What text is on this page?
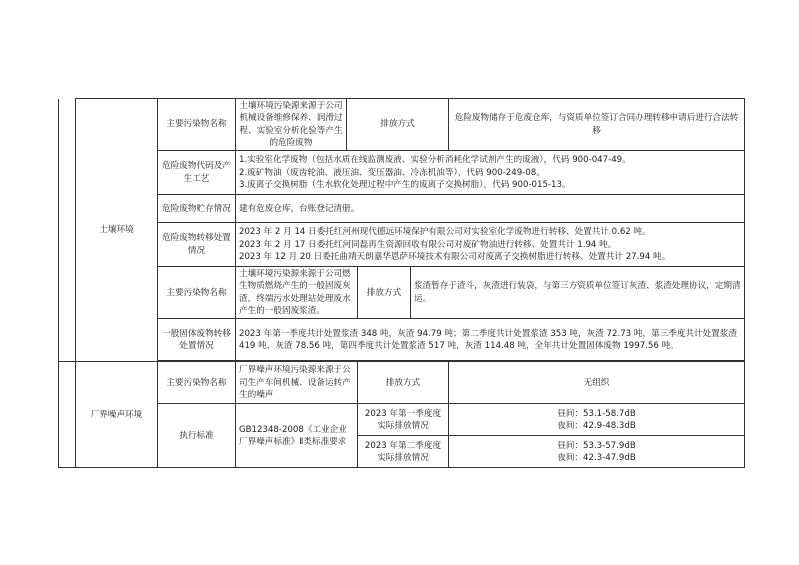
	土壤环境	主要污染物名称	土壤环境污染源来源于公司机械设备维修保养、润滑过程、实验室分析化验等产生的危险废物	排放方式			危险废物储存于危废仓库，与资质单位签订合同办理转移申请后进行合法转移
		危险废物代码及产生工艺	1.实验室化学废物（包括水质在线监测废液、实验分析消耗化学试剂产生的废液），代码 900-047-49。
2.废矿物油（废齿轮油、液压油、变压器油、冷冻机油等），代码 900-249-08。
3.废离子交换树脂（生水软化处理过程中产生的废离子交换树脂），代码 900-015-13。				

		危险废物贮存情况	建有危废仓库，台账登记清册。				
		危险废物转移处置情况	2023 年 2 月 14 日委托红河州现代德远环境保护有限公司对实验室化学废物进行转移、处置共计 0.62 吨。
2023 年 2 月 17 日委托红河同磊再生资源回收有限公司对废矿物油进行转移、处置共计 1.94 吨。
2023 年 12 月 20 日委托曲靖天朗嘉华恩萨环境技术有限公司对废离子交换树脂进行转移、处置共计 27.94 吨。				

		主要污染物名称	土壤环境污染源来源于公司燃生物质燃烧产生的一般固废灰渣，终端污水处理站处理废水产生的一般固废浆渣。		排放方式	浆渣暂存于渣斗，灰渣进行装袋，与第三方资质单位签订灰渣、浆渣处理协议，定期清运。	
		一般固体废物转移处置情况	2023 年第一季度共计处置浆渣 348 吨，灰渣 94.79 吨；第二季度共计处置浆渣 353 吨，灰渣 72.73 吨，第三季度共计处置浆渣 419 吨，灰渣 78.56 吨，第四季度共计处置浆渣 517 吨，灰渣 114.48 吨，全年共计处置固体废物 1997.56 吨。				

	厂界噪声环境	主要污染物名称	厂界噪声环境污染源来源于公司生产车间机械、设备运转产生的噪声		排放方式		无组织
		执行标准	GB12348-2008《工业企业厂界噪声标准》Ⅱ类标准要求		2023 年第一季度度实际排放情况		昼间：53.1-58.7dB
夜间：42.9-48.3dB

					2023 年第二季度度实际排放情况		昼间：53.3-57.9dB
夜间：42.3-47.9dB
